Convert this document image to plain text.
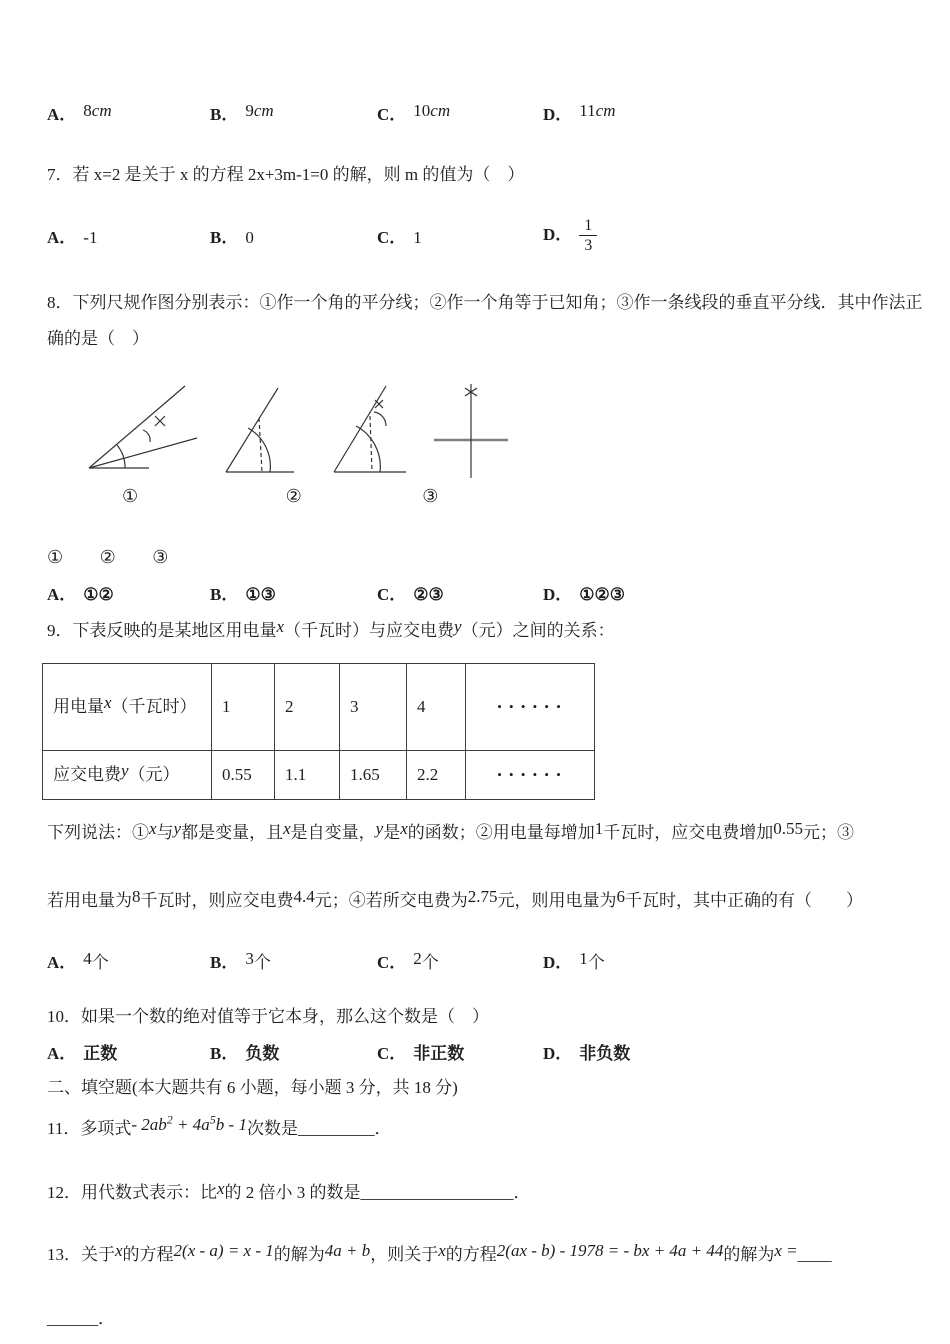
A． 8cm	B． 9cm	C． 10cm	D． 11cm

7．若 x=2 是关于 x 的方程 2x+3m-1=0 的解，则 m 的值为（　）

A． -1	B． 0	C． 1	D． $\frac{1}{3}$

8．下列尺规作图分别表示：①作一个角的平分线；②作一个角等于已知角；③作一条线段的垂直平分线．其中作法正确的是（　）

①	②	③
① ② ③
A． ①②	B． ①③	C． ②③	D． ①②③

9．下表反映的是某地区用电量x（千瓦时）与应交电费y（元）之间的关系：

用电量x（千瓦时）	1	2	3	4	• • • • • •
应交电费y（元）	0.55	1.1	1.65	2.2	• • • • • •

下列说法：①x与y都是变量，且x是自变量，y是x的函数；②用电量每增加1千瓦时，应交电费增加0.55元；③

若用电量为8千瓦时，则应交电费4.4元；④若所交电费为2.75元，则用电量为6千瓦时，其中正确的有（　　）

A． 4个	B． 3个	C． 2个	D． 1个

10．如果一个数的绝对值等于它本身，那么这个数是（　）

A． 正数	B． 负数	C． 非正数	D． 非负数

二、填空题(本大题共有 6 小题，每小题 3 分，共 18 分)

11．多项式- $2ab^2 + 4a^5b - 1$次数是_________．

12．用代数式表示：比x的 2 倍小 3 的数是__________________．

13．关于x的方程2(x - a) = x - 1的解为4a + b，则关于x的方程2(ax - b) - 1978 = - bx + 4a + 44的解为x =____

______．
